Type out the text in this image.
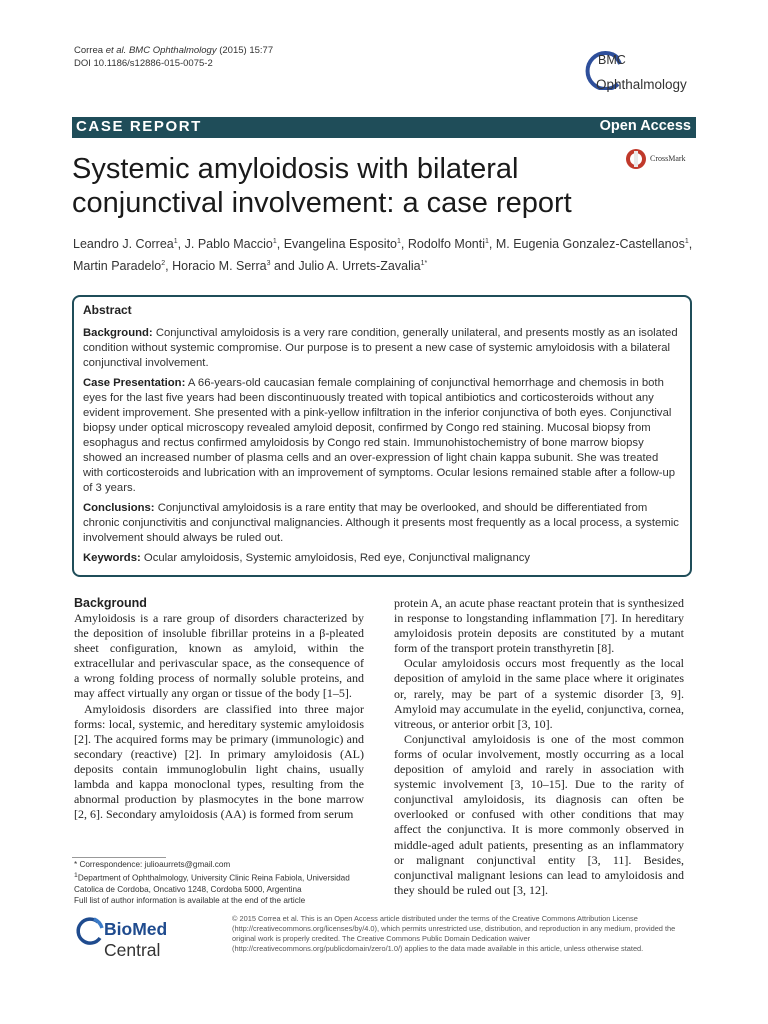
Correa et al. BMC Ophthalmology (2015) 15:77
DOI 10.1186/s12886-015-0075-2	BMC
Ophthalmology
CASE REPORT	Open Access
Systemic amyloidosis with bilateral conjunctival involvement: a case report
CrossMark
Leandro J. Correa$^1$, J. Pablo Maccio$^1$, Evangelina Esposito$^1$, Rodolfo Monti$^1$, M. Eugenia Gonzalez-Castellanos$^1$, Martin Paradelo$^2$, Horacio M. Serra$^3$ and Julio A. Urrets-Zavalia$^{1*}$
Abstract

Background: Conjunctival amyloidosis is a very rare condition, generally unilateral, and presents mostly as an isolated condition without systemic compromise. Our purpose is to present a new case of systemic amyloidosis with a bilateral conjunctival involvement.

Case Presentation: A 66-years-old caucasian female complaining of conjunctival hemorrhage and chemosis in both eyes for the last five years had been discontinuously treated with topical antibiotics and corticosteroids without any evident improvement. She presented with a pink-yellow infiltration in the inferior conjunctiva of both eyes. Conjunctival biopsy under optical microscopy revealed amyloid deposit, confirmed by Congo red staining. Mucosal biopsy from esophagus and rectus confirmed amyloidosis by Congo red stain. Immunohistochemistry of bone marrow biopsy showed an increased number of plasma cells and an over-expression of light chain kappa subunit. She was treated with corticosteroids and lubrication with an improvement of symptoms. Ocular lesions remained stable after a follow-up of 3 years.

Conclusions: Conjunctival amyloidosis is a rare entity that may be overlooked, and should be differentiated from chronic conjunctivitis and conjunctival malignancies. Although it presents most frequently as a local process, a systemic involvement should always be ruled out.

Keywords: Ocular amyloidosis, Systemic amyloidosis, Red eye, Conjunctival malignancy

Background

Amyloidosis is a rare group of disorders characterized by the deposition of insoluble fibrillar proteins in a β-pleated sheet configuration, known as amyloid, within the extracellular and perivascular space, as the consequence of a wrong folding process of normally soluble proteins, and may affect virtually any organ or tissue of the body [1–5].

Amyloidosis disorders are classified into three major forms: local, systemic, and hereditary systemic amyloidosis [2]. The acquired forms may be primary (immunologic) and secondary (reactive) [2]. In primary amyloidosis (AL) deposits contain immunoglobulin light chains, usually lambda and kappa monoclonal types, resulting from the abnormal production by plasmocytes in the bone marrow [2, 6]. Secondary amyloidosis (AA) is formed from serum

protein A, an acute phase reactant protein that is synthesized in response to longstanding inflammation [7]. In hereditary amyloidosis protein deposits are constituted by a mutant form of the transport protein transthyretin [8].

Ocular amyloidosis occurs most frequently as the local deposition of amyloid in the same place where it originates or, rarely, may be part of a systemic disorder [3, 9]. Amyloid may accumulate in the eyelid, conjunctiva, cornea, vitreous, or anterior orbit [3, 10].

Conjunctival amyloidosis is one of the most common forms of ocular involvement, mostly occurring as a local deposition of amyloid and rarely in association with systemic involvement [3, 10–15]. Due to the rarity of conjunctival amyloidosis, its diagnosis can often be overlooked or confused with other conditions that may affect the conjunctiva. It is more commonly observed in middle-aged adult patients, presenting as an inflammatory or malignant conjunctival entity [3, 11]. Besides, conjunctival malignant lesions can lead to amyloidosis and they should be ruled out [3, 12].

* Correspondence: julioaurrets@gmail.com
$^1$Department of Ophthalmology, University Clinic Reina Fabiola, Universidad Catolica de Cordoba, Oncativo 1248, Cordoba 5000, Argentina
Full list of author information is available at the end of the article
BioMed Central
© 2015 Correa et al. This is an Open Access article distributed under the terms of the Creative Commons Attribution License (http://creativecommons.org/licenses/by/4.0), which permits unrestricted use, distribution, and reproduction in any medium, provided the original work is properly credited. The Creative Commons Public Domain Dedication waiver (http://creativecommons.org/publicdomain/zero/1.0/) applies to the data made available in this article, unless otherwise stated.
